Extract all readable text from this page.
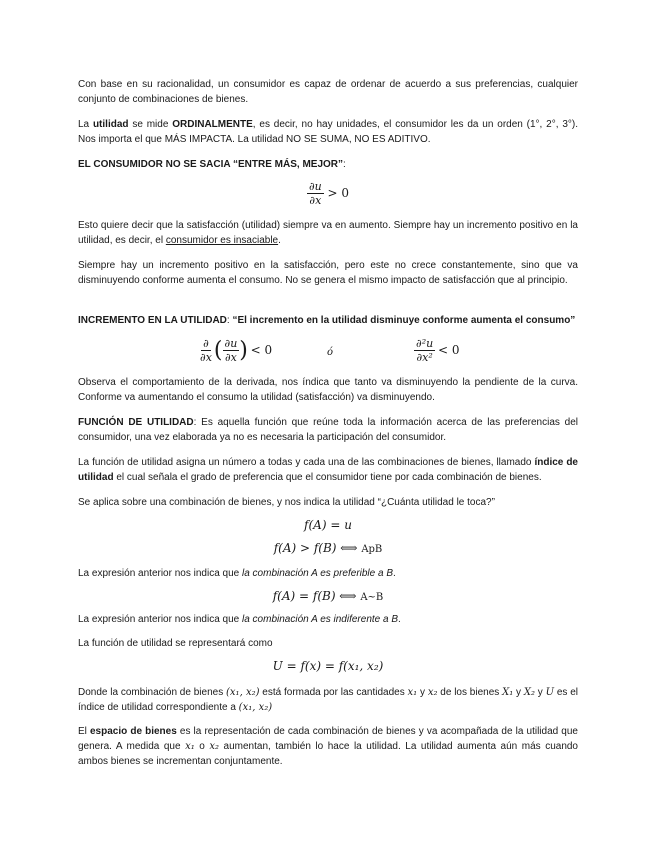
Con base en su racionalidad, un consumidor es capaz de ordenar de acuerdo a sus preferencias, cualquier conjunto de combinaciones de bienes.

La utilidad se mide ORDINALMENTE, es decir, no hay unidades, el consumidor les da un orden (1°, 2°, 3°). Nos importa el que MÁS IMPACTA. La utilidad NO SE SUMA, NO ES ADITIVO.

EL CONSUMIDOR NO SE SACIA “ENTRE MÁS, MEJOR”:

$\frac{\partial u}{\partial x} > 0$

Esto quiere decir que la satisfacción (utilidad) siempre va en aumento. Siempre hay un incremento positivo en la utilidad, es decir, el consumidor es insaciable.

Siempre hay un incremento positivo en la satisfacción, pero este no crece constantemente, sino que va disminuyendo conforme aumenta el consumo. No se genera el mismo impacto de satisfacción que al principio.

INCREMENTO EN LA UTILIDAD: “El incremento en la utilidad disminuye conforme aumenta el consumo”

$\frac{\partial}{\partial x}$ ( $\frac{\partial u}{\partial x}$ ) < 0	ó	$\frac{\text{∂²u}}{\text{∂x²}} < 0$

Observa el comportamiento de la derivada, nos índica que tanto va disminuyendo la pendiente de la curva. Conforme va aumentando el consumo la utilidad (satisfacción) va disminuyendo.

FUNCIÓN DE UTILIDAD: Es aquella función que reúne toda la información acerca de las preferencias del consumidor, una vez elaborada ya no es necesaria la participación del consumidor.

La función de utilidad asigna un número a todas y cada una de las combinaciones de bienes, llamado índice de utilidad el cual señala el grado de preferencia que el consumidor tiene por cada combinación de bienes.

Se aplica sobre una combinación de bienes, y nos indica la utilidad “¿Cuánta utilidad le toca?”

f(A) = u
f(A) > f(B) ⟺ ApB

La expresión anterior nos indica que la combinación A es preferible a B.

f(A) = f(B) ⟺ A~B

La expresión anterior nos indica que la combinación A es indiferente a B.

La función de utilidad se representará como

U = f(x) = f(x₁, x₂)

Donde la combinación de bienes (x₁, x₂) está formada por las cantidades x₁ y x₂ de los bienes X₁ y X₂ y U es el índice de utilidad correspondiente a (x₁, x₂)

El espacio de bienes es la representación de cada combinación de bienes y va acompañada de la utilidad que genera. A medida que x₁ o x₂ aumentan, también lo hace la utilidad. La utilidad aumenta aún más cuando ambos bienes se incrementan conjuntamente.
